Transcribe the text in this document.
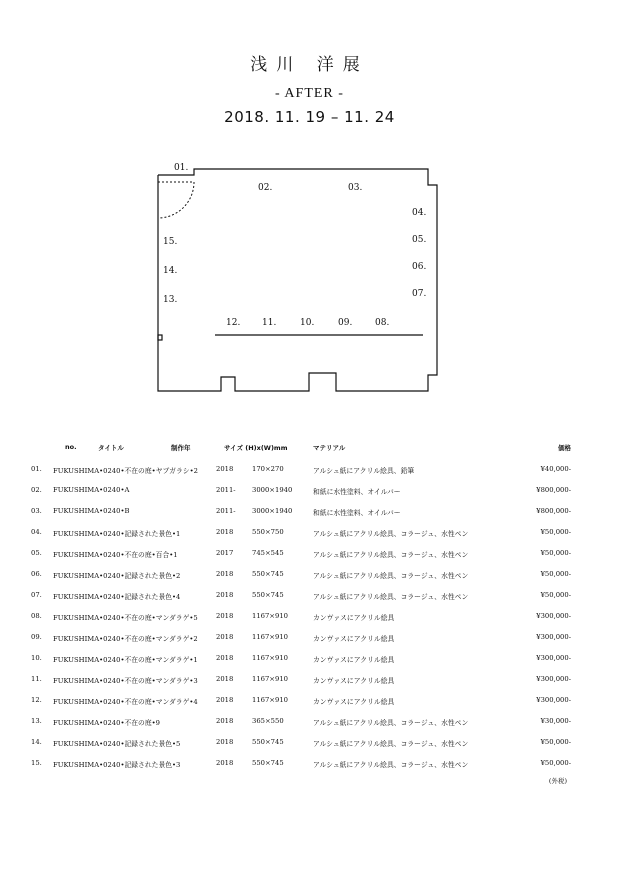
浅川 洋展
- AFTER -
2018. 11. 19 – 11. 24
01.
02.	03.
04.
05.
06.
07.
08.
09.
10.
11.
12.
13.
14.
15.
no.	タイトル	制作年	サイズ (H)x(W)mm	マテリアル	価格
01. FUKUSHIMA•0240•不在の庭•ヤブガラシ•2	2018	170×270	アルシュ紙にアクリル絵具、鉛筆	¥40,000-
02. FUKUSHIMA•0240•A	2011- 3000×1940	和紙に水性塗料、オイルバー	¥800,000-
03. FUKUSHIMA•0240•B	2011- 3000×1940	和紙に水性塗料、オイルバー	¥800,000-
04. FUKUSHIMA•0240•記録された景色•1	2018	550×750	アルシュ紙にアクリル絵具、コラージュ、水性ペン	¥50,000-
05. FUKUSHIMA•0240•不在の庭•百合•1	2017	745×545	アルシュ紙にアクリル絵具、コラージュ、水性ペン	¥50,000-
06. FUKUSHIMA•0240•記録された景色•2	2018	550×745	アルシュ紙にアクリル絵具、コラージュ、水性ペン	¥50,000-
07. FUKUSHIMA•0240•記録された景色•4	2018	550×745	アルシュ紙にアクリル絵具、コラージュ、水性ペン	¥50,000-
08. FUKUSHIMA•0240•不在の庭•マンダラゲ•5	2018	1167×910	カンヴァスにアクリル絵具	¥300,000-
09. FUKUSHIMA•0240•不在の庭•マンダラゲ•2	2018	1167×910	カンヴァスにアクリル絵具	¥300,000-
10. FUKUSHIMA•0240•不在の庭•マンダラゲ•1	2018	1167×910	カンヴァスにアクリル絵具	¥300,000-
11. FUKUSHIMA•0240•不在の庭•マンダラゲ•3	2018	1167×910	カンヴァスにアクリル絵具	¥300,000-
12. FUKUSHIMA•0240•不在の庭•マンダラゲ•4	2018	1167×910	カンヴァスにアクリル絵具	¥300,000-
13. FUKUSHIMA•0240•不在の庭•9	2018	365×550	アルシュ紙にアクリル絵具、コラージュ、水性ペン	¥30,000-
14. FUKUSHIMA•0240•記録された景色•5	2018	550×745	アルシュ紙にアクリル絵具、コラージュ、水性ペン	¥50,000-
15. FUKUSHIMA•0240•記録された景色•3	2018	550×745	アルシュ紙にアクリル絵具、コラージュ、水性ペン	¥50,000-
(外税)
